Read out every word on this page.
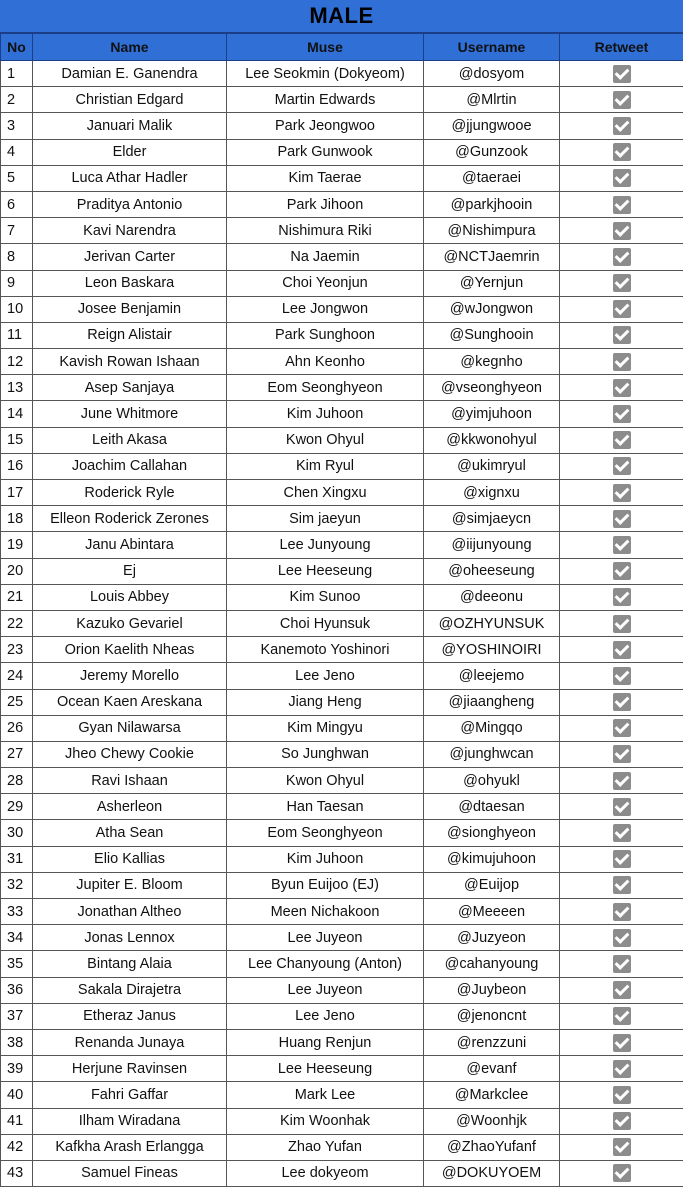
MALE
No	Name	Muse	Username	Retweet
1	Damian E. Ganendra	Lee Seokmin (Dokyeom)	@dosyom	
2	Christian Edgard	Martin Edwards	@Mlrtin	
3	Januari Malik	Park Jeongwoo	@jjungwooe	
4	Elder	Park Gunwook	@Gunzook	
5	Luca Athar Hadler	Kim Taerae	@taeraei	
6	Praditya Antonio	Park Jihoon	@parkjhooin	
7	Kavi Narendra	Nishimura Riki	@Nishimpura	
8	Jerivan Carter	Na Jaemin	@NCTJaemrin	
9	Leon Baskara	Choi Yeonjun	@Yernjun	
10	Josee Benjamin	Lee Jongwon	@wJongwon	
11	Reign Alistair	Park Sunghoon	@Sunghooin	
12	Kavish Rowan Ishaan	Ahn Keonho	@kegnho	
13	Asep Sanjaya	Eom Seonghyeon	@vseonghyeon	
14	June Whitmore	Kim Juhoon	@yimjuhoon	
15	Leith Akasa	Kwon Ohyul	@kkwonohyul	
16	Joachim Callahan	Kim Ryul	@ukimryul	
17	Roderick Ryle	Chen Xingxu	@xignxu	
18	Elleon Roderick Zerones	Sim jaeyun	@simjaeycn	
19	Janu Abintara	Lee Junyoung	@iijunyoung	
20	Ej	Lee Heeseung	@oheeseung	
21	Louis Abbey	Kim Sunoo	@deeonu	
22	Kazuko Gevariel	Choi Hyunsuk	@OZHYUNSUK	
23	Orion Kaelith Nheas	Kanemoto Yoshinori	@YOSHINOIRI	
24	Jeremy Morello	Lee Jeno	@leejemo	
25	Ocean Kaen Areskana	Jiang Heng	@jiaangheng	
26	Gyan Nilawarsa	Kim Mingyu	@Mingqo	
27	Jheo Chewy Cookie	So Junghwan	@junghwcan	
28	Ravi Ishaan	Kwon Ohyul	@ohyukl	
29	Asherleon	Han Taesan	@dtaesan	
30	Atha Sean	Eom Seonghyeon	@sionghyeon	
31	Elio Kallias	Kim Juhoon	@kimujuhoon	
32	Jupiter E. Bloom	Byun Euijoo (EJ)	@Euijop	
33	Jonathan Altheo	Meen Nichakoon	@Meeeen	
34	Jonas Lennox	Lee Juyeon	@Juzyeon	
35	Bintang Alaia	Lee Chanyoung (Anton)	@cahanyoung	
36	Sakala Dirajetra	Lee Juyeon	@Juybeon	
37	Etheraz Janus	Lee Jeno	@jenoncnt	
38	Renanda Junaya	Huang Renjun	@renzzuni	
39	Herjune Ravinsen	Lee Heeseung	@evanf	
40	Fahri Gaffar	Mark Lee	@Markclee	
41	Ilham Wiradana	Kim Woonhak	@Woonhjk	
42	Kafkha Arash Erlangga	Zhao Yufan	@ZhaoYufanf	
43	Samuel Fineas	Lee dokyeom	@DOKUYOEM	
